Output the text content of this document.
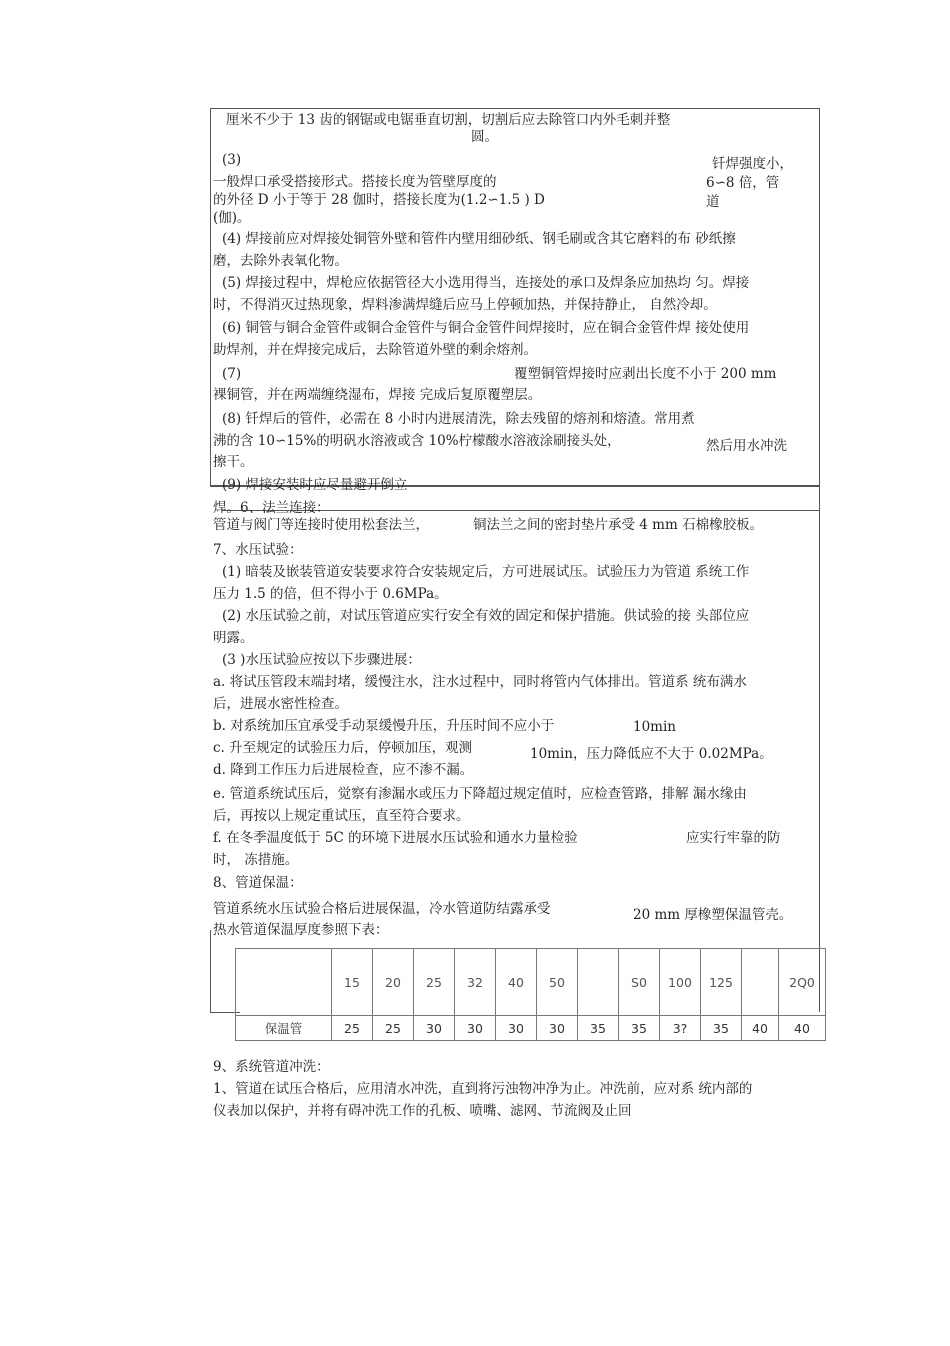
厘米不少于 13 齿的钢锯或电锯垂直切割，切割后应去除管口内外毛刺并整
圆。
(3)	钎焊强度小，
一般焊口承受搭接形式。搭接长度为管壁厚度的	6∽8 倍，管
的外径 D 小于等于 28 伽时，搭接长度为(1.2∽1.5 ) D	道
(伽)。
(4) 焊接前应对焊接处铜管外壁和管件内壁用细砂纸、钢毛刷或含其它磨料的布 砂纸擦
磨，去除外表氧化物。
(5) 焊接过程中，焊枪应依据管径大小选用得当，连接处的承口及焊条应加热均 匀。焊接
时，不得消灭过热现象，焊料渗满焊缝后应马上停顿加热，并保持静止， 自然冷却。
(6) 铜管与铜合金管件或铜合金管件与铜合金管件间焊接时，应在铜合金管件焊 接处使用
助焊剂，并在焊接完成后，去除管道外壁的剩余熔剂。
(7)	覆塑铜管焊接时应剥出长度不小于 200 mm
裸铜管，并在两端缠绕湿布，焊接 完成后复原覆塑层。
(8) 钎焊后的管件，必需在 8 小时内进展清洗，除去残留的熔剂和熔渣。常用煮
沸的含 10∽15%的明矾水溶液或含 10%柠檬酸水溶液涂刷接头处，	然后用水冲洗
擦干。
(9) 焊接安装时应尽量避开倒立
焊。6、法兰连接：
管道与阀门等连接时使用松套法兰，	铜法兰之间的密封垫片承受 4 mm 石棉橡胶板。
7、水压试验：
(1) 暗装及嵌装管道安装要求符合安装规定后，方可进展试压。试验压力为管道 系统工作
压力 1.5 的倍，但不得小于 0.6MPa。
(2) 水压试验之前，对试压管道应实行安全有效的固定和保护措施。供试验的接 头部位应
明露。
(3 )水压试验应按以下步骤进展：
a. 将试压管段末端封堵，缓慢注水，注水过程中，同时将管内气体排出。管道系 统布满水
后，进展水密性检查。
b. 对系统加压宜承受手动泵缓慢升压，升压时间不应小于	10min
c. 升至规定的试验压力后，停顿加压，观测	10min，压力降低应不大于 0.02MPa。
d. 降到工作压力后进展检查，应不渗不漏。
e. 管道系统试压后，觉察有渗漏水或压力下降超过规定值时，应检查管路，排解 漏水缘由
后，再按以上规定重试压，直至符合要求。
f. 在冬季温度低于 5C 的环境下进展水压试验和通水力量检验	应实行牢靠的防
时， 冻措施。
8、管道保温：
管道系统水压试验合格后进展保温，冷水管道防结露承受	20 mm 厚橡塑保温管壳。
热水管道保温厚度参照下表：
	15	20	25	32	40	50		S0	100	125		2Q0
保温管	25	25	30	30	30	30	35	35	3?	35	40	40
9、系统管道冲洗：
1、管道在试压合格后，应用清水冲洗，直到将污浊物冲净为止。冲洗前，应对系 统内部的
仪表加以保护，并将有碍冲洗工作的孔板、喷嘴、滤网、节流阀及止回
